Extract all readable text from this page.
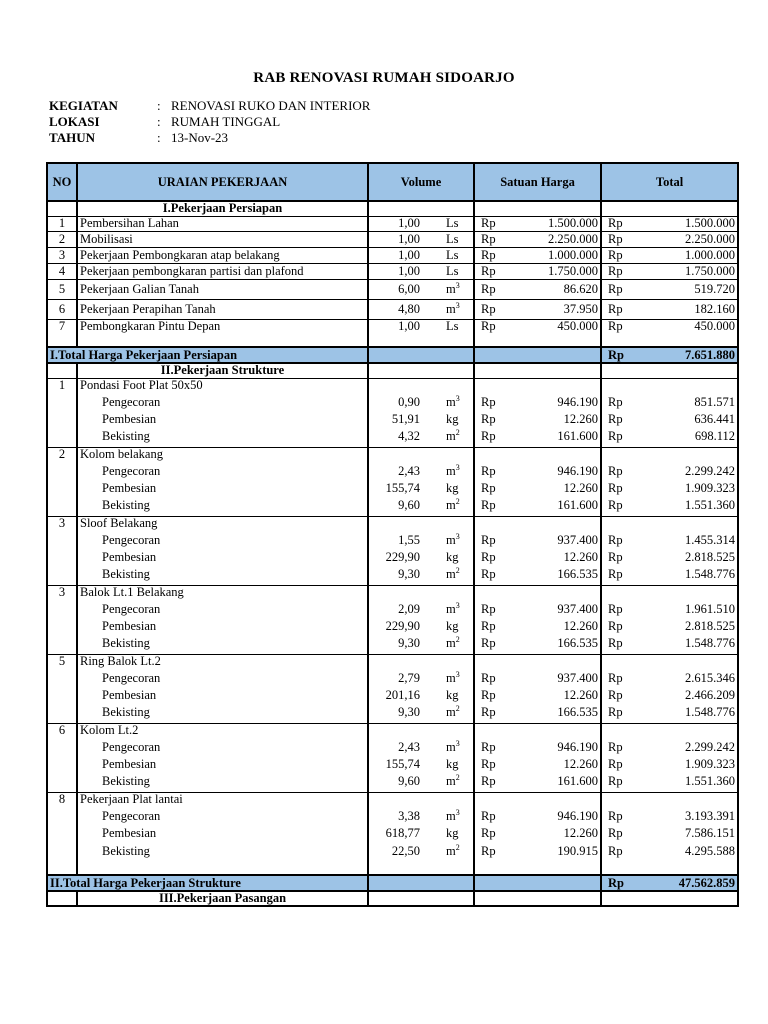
RAB RENOVASI RUMAH SIDOARJO
KEGIATAN	: RENOVASI RUKO DAN INTERIOR
LOKASI	: RUMAH TINGGAL
TAHUN	: 13-Nov-23
NO	URAIAN PEKERJAAN	Volume		Satuan Harga		Total	
	I.Pekerjaan Persiapan						
1	Pembersihan Lahan	1,00	Ls	Rp	1.500.000	Rp	1.500.000
2	Mobilisasi	1,00	Ls	Rp	2.250.000	Rp	2.250.000
3	Pekerjaan Pembongkaran atap belakang	1,00	Ls	Rp	1.000.000	Rp	1.000.000
4	Pekerjaan pembongkaran partisi dan plafond	1,00	Ls	Rp	1.750.000	Rp	1.750.000
5	Pekerjaan Galian Tanah	6,00	$m^3$	Rp	86.620	Rp	519.720
6	Pekerjaan Perapihan Tanah	4,80	$m^3$	Rp	37.950	Rp	182.160
7	Pembongkaran Pintu Depan	1,00	Ls	Rp	450.000	Rp	450.000

I.Total Harga Pekerjaan Persiapan						Rp	7.651.880
	II.Pekerjaan Strukture						
1	Pondasi Foot Plat 50x50						
	Pengecoran	0,90	$m^3$	Rp	946.190	Rp	851.571
	Pembesian	51,91	kg	Rp	12.260	Rp	636.441
	Bekisting	4,32	$m^2$	Rp	161.600	Rp	698.112
2	Kolom belakang						
	Pengecoran	2,43	$m^3$	Rp	946.190	Rp	2.299.242
	Pembesian	155,74	kg	Rp	12.260	Rp	1.909.323
	Bekisting	9,60	$m^2$	Rp	161.600	Rp	1.551.360
3	Sloof Belakang						
	Pengecoran	1,55	$m^3$	Rp	937.400	Rp	1.455.314
	Pembesian	229,90	kg	Rp	12.260	Rp	2.818.525
	Bekisting	9,30	$m^2$	Rp	166.535	Rp	1.548.776
3	Balok Lt.1 Belakang						
	Pengecoran	2,09	$m^3$	Rp	937.400	Rp	1.961.510
	Pembesian	229,90	kg	Rp	12.260	Rp	2.818.525
	Bekisting	9,30	$m^2$	Rp	166.535	Rp	1.548.776
5	Ring Balok Lt.2						
	Pengecoran	2,79	$m^3$	Rp	937.400	Rp	2.615.346
	Pembesian	201,16	kg	Rp	12.260	Rp	2.466.209
	Bekisting	9,30	$m^2$	Rp	166.535	Rp	1.548.776
6	Kolom Lt.2						
	Pengecoran	2,43	$m^3$	Rp	946.190	Rp	2.299.242
	Pembesian	155,74	kg	Rp	12.260	Rp	1.909.323
	Bekisting	9,60	$m^2$	Rp	161.600	Rp	1.551.360
8	Pekerjaan Plat lantai						
	Pengecoran	3,38	$m^3$	Rp	946.190	Rp	3.193.391
	Pembesian	618,77	kg	Rp	12.260	Rp	7.586.151
	Bekisting	22,50	$m^2$	Rp	190.915	Rp	4.295.588

II.Total Harga Pekerjaan Strukture						Rp	47.562.859
	III.Pekerjaan Pasangan						
